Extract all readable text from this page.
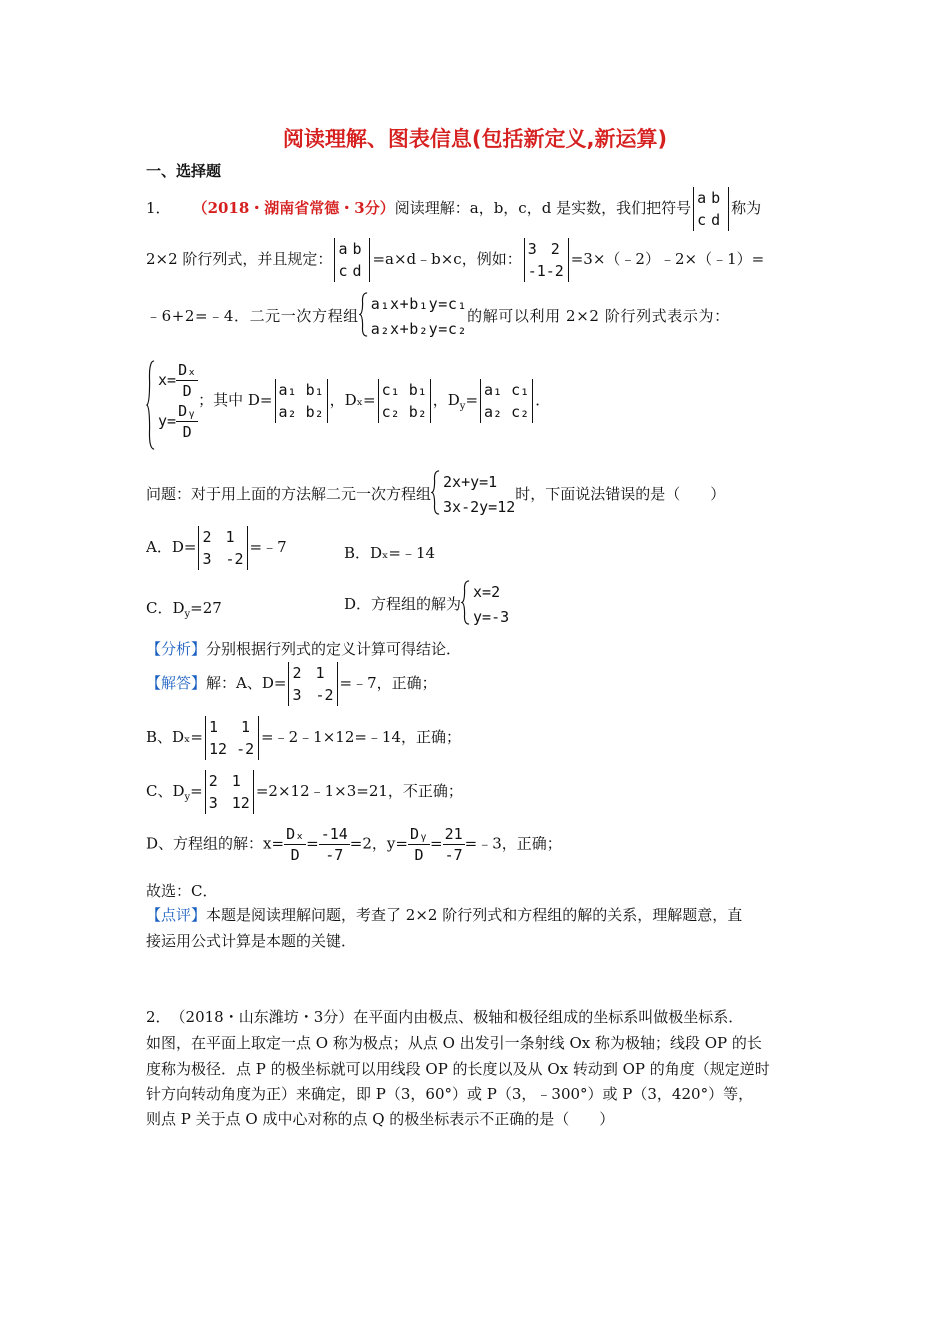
阅读理解、图表信息(包括新定义,新运算)
一、选择题
1． （2018・湖南省常德・3分）阅读理解：a，b，c，d 是实数，我们把符号
a b
c d
称为
2×2 阶行列式，并且规定：
a b
c d
=a×d﹣b×c，例如：
3 2
-1-2
=3×（﹣2）﹣2×（﹣1）=
﹣6+2=﹣4．二元一次方程组
a₁x+b₁y=c₁
a₂x+b₂y=c₂
的解可以利用 2×2 阶行列式表示为：
$x= \frac{\text{Dₓ}}{D}$
$y= \frac{\text{Dᵧ}}{D}$
；其中 D=
a₁ b₁
a₂ b₂
，Dₓ=
c₁ b₁
c₂ b₂
，$D_y=$
a₁ c₁
a₂ c₂
．
问题：对于用上面的方法解二元一次方程组
2x+y=1
3x-2y=12
时，下面说法错误的是（　　）
A．D=
2 1
3 -2
=﹣7	B．Dₓ=﹣14
C．$D_y=27$	D．方程组的解为
x=2
y=-3
【分析】分别根据行列式的定义计算可得结论．
【解答】解：A、D=
2 1
3 -2
=﹣7，正确；
B、Dₓ=
1 1
12 -2
=﹣2﹣1×12=﹣14，正确；
C、$D_y=$
2 1
3 12
=2×12﹣1×3=21，不正确；
D、方程组的解：$x= \frac{\text{Dₓ}}{D} = \frac{-14}{-7} =2$，$y= \frac{\text{Dᵧ}}{D} = \frac{21}{-7}$ =﹣3，正确；
故选：C．
【点评】本题是阅读理解问题，考查了 2×2 阶行列式和方程组的解的关系，理解题意，直
接运用公式计算是本题的关键．
2．　（2018・山东潍坊・3分）在平面内由极点、极轴和极径组成的坐标系叫做极坐标系．
如图，在平面上取定一点 O 称为极点；从点 O 出发引一条射线 Ox 称为极轴；线段 OP 的长
度称为极径．点 P 的极坐标就可以用线段 OP 的长度以及从 Ox 转动到 OP 的角度（规定逆时
针方向转动角度为正）来确定，即 P（3，60°）或 P（3，﹣300°）或 P（3，420°）等，
则点 P 关于点 O 成中心对称的点 Q 的极坐标表示不正确的是（　　）
